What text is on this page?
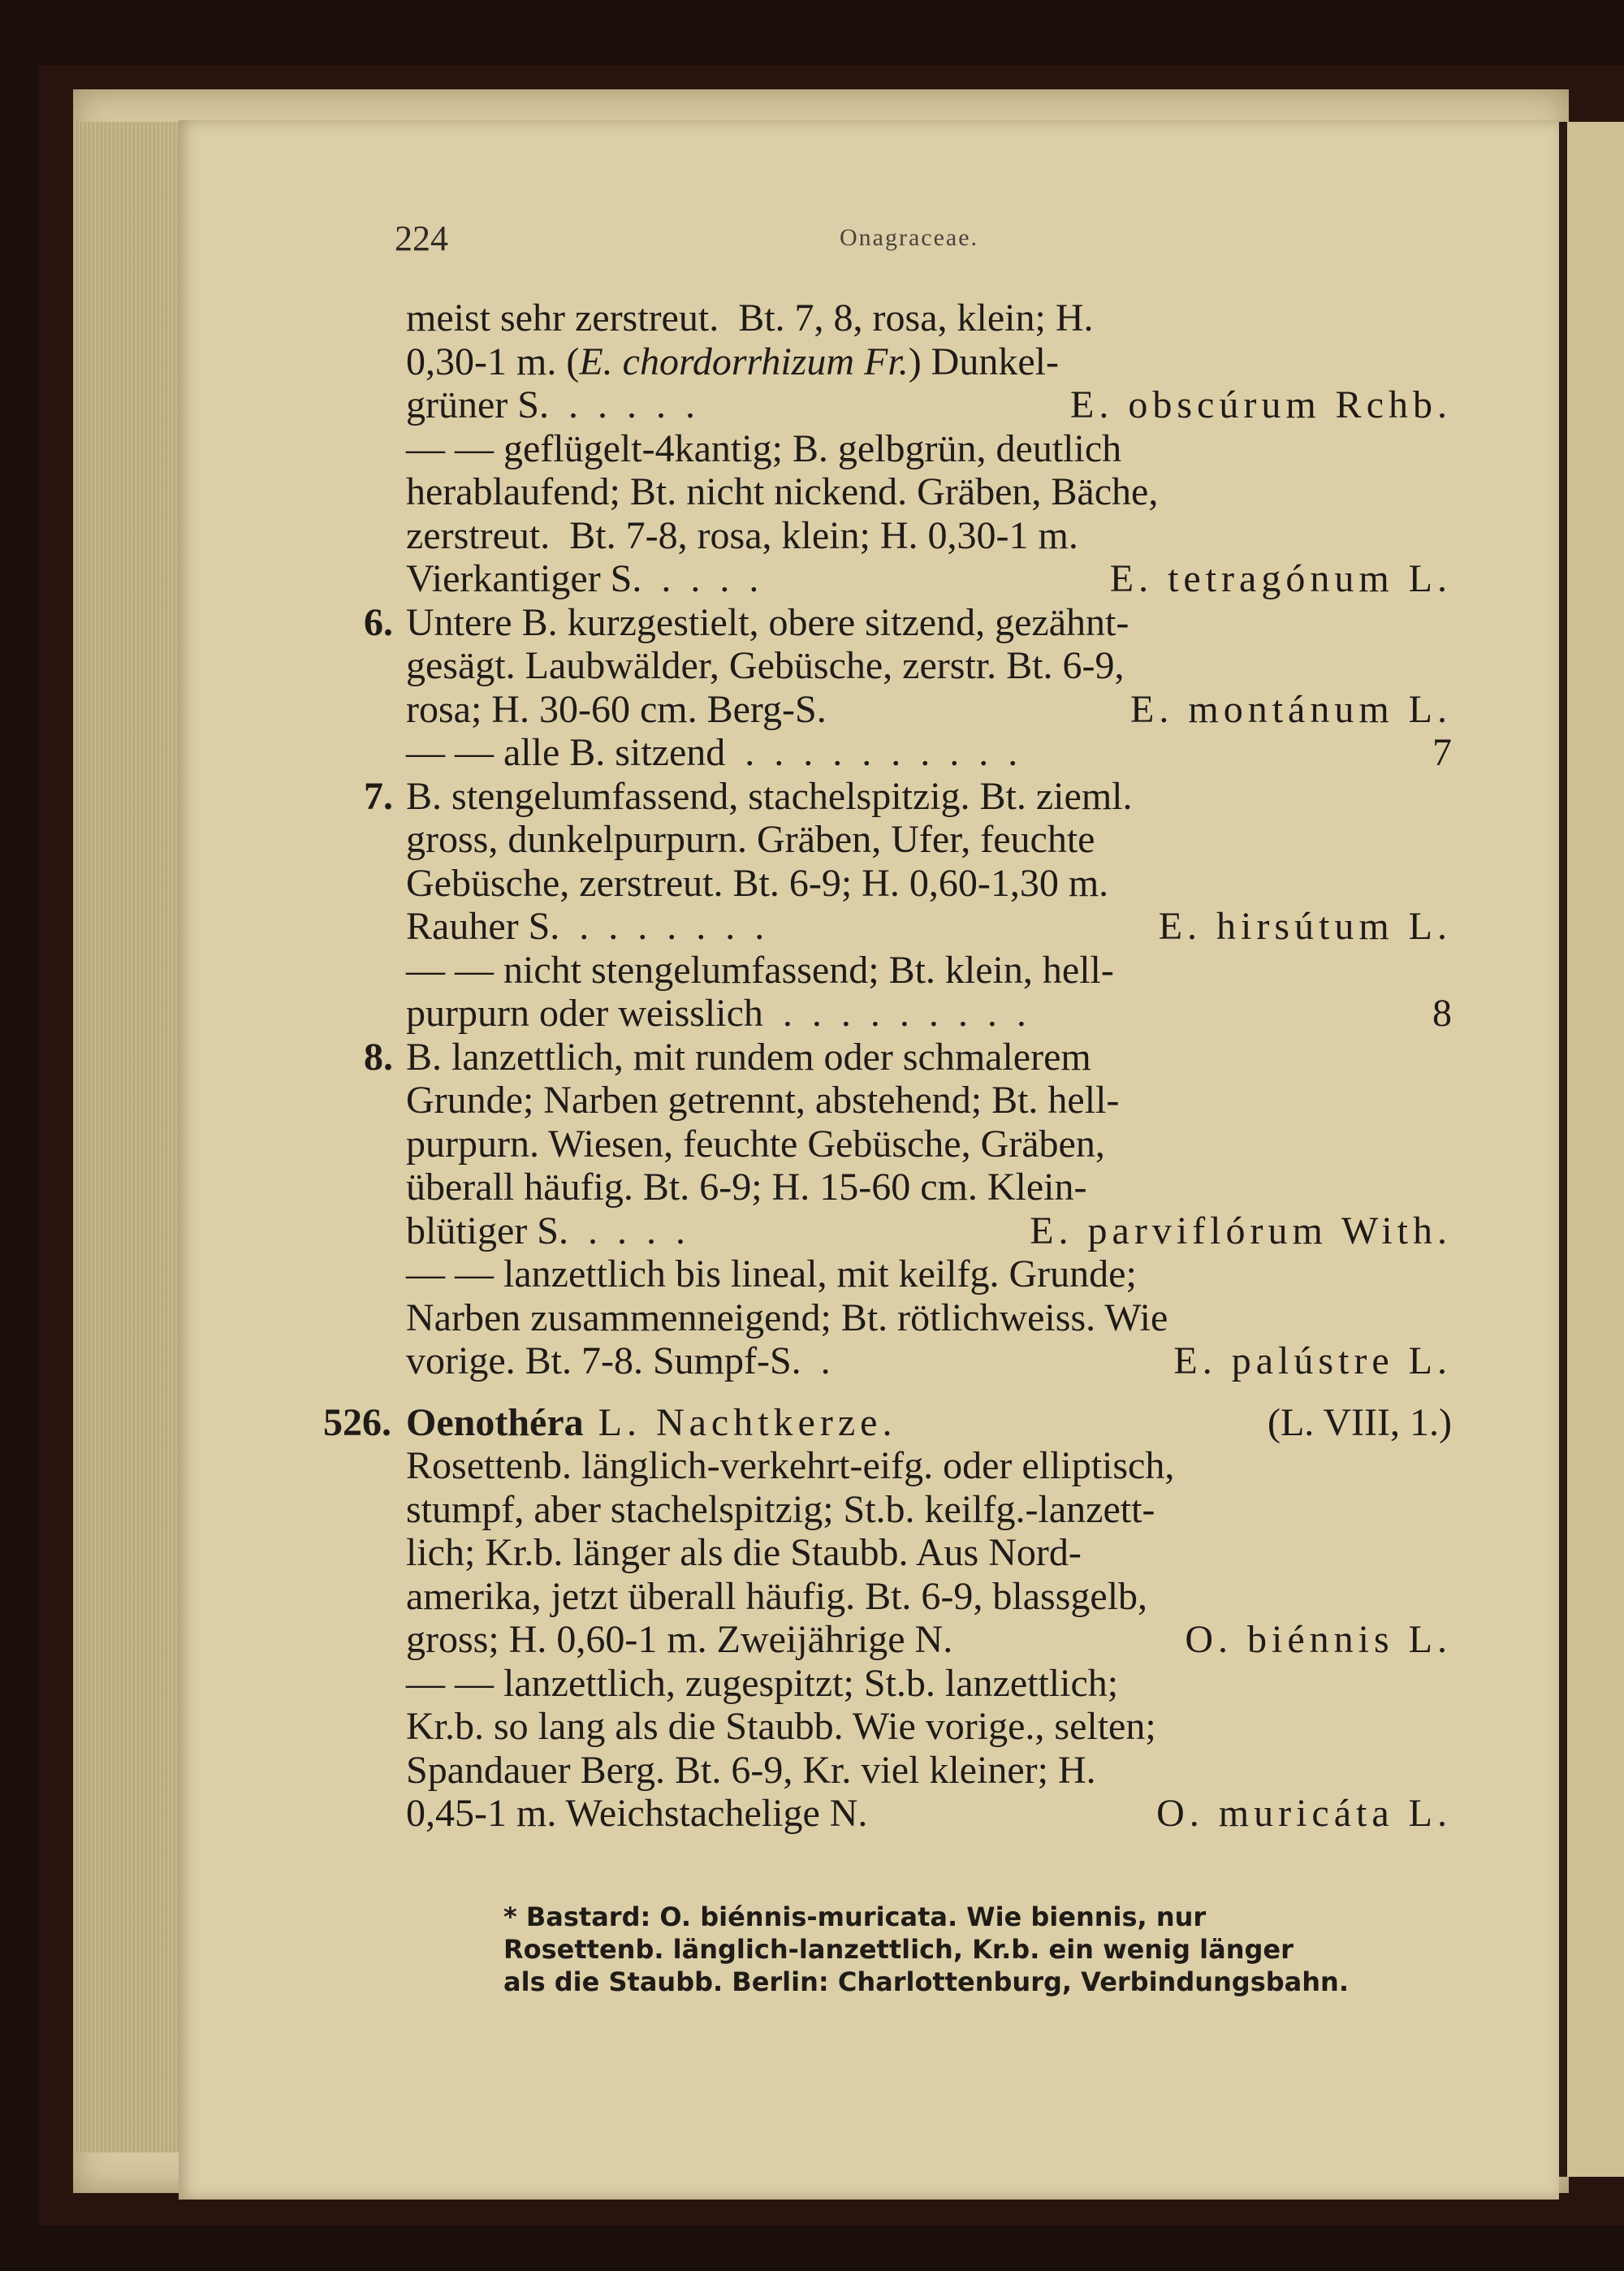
224	Onagraceae.
meist sehr zerstreut.  Bt. 7, 8, rosa, klein; H.
0,30-1 m. (E. chordorrhizum Fr.) Dunkel-
grüner S.  .  .  .  .  .	E. obscúrum Rchb.
— — geflügelt-4kantig; B. gelbgrün, deutlich
herablaufend; Bt. nicht nickend. Gräben, Bäche,
zerstreut.  Bt. 7-8, rosa, klein; H. 0,30-1 m.
Vierkantiger S.  .  .  .  .	E. tetragónum L.
6. Untere B. kurzgestielt, obere sitzend, gezähnt-
gesägt. Laubwälder, Gebüsche, zerstr. Bt. 6-9,
rosa; H. 30-60 cm. Berg-S.	E. montánum L.
— — alle B. sitzend  .  .  .  .  .  .  .  .  .  .	7
7. B. stengelumfassend, stachelspitzig. Bt. zieml.
gross, dunkelpurpurn. Gräben, Ufer, feuchte
Gebüsche, zerstreut. Bt. 6-9; H. 0,60-1,30 m.
Rauher S.  .  .  .  .  .  .  .	E. hirsútum L.
— — nicht stengelumfassend; Bt. klein, hell-
purpurn oder weisslich  .  .  .  .  .  .  .  .  .	8
8. B. lanzettlich, mit rundem oder schmalerem
Grunde; Narben getrennt, abstehend; Bt. hell-
purpurn. Wiesen, feuchte Gebüsche, Gräben,
überall häufig. Bt. 6-9; H. 15-60 cm. Klein-
blütiger S.  .  .  .  .	E. parviflórum With.
— — lanzettlich bis lineal, mit keilfg. Grunde;
Narben zusammenneigend; Bt. rötlichweiss. Wie
vorige. Bt. 7-8. Sumpf-S.  .	E. palústre L.
526. Oenothéra L. Nachtkerze.	(L. VIII, 1.)
Rosettenb. länglich-verkehrt-eifg. oder elliptisch,
stumpf, aber stachelspitzig; St.b. keilfg.-lanzett-
lich; Kr.b. länger als die Staubb. Aus Nord-
amerika, jetzt überall häufig. Bt. 6-9, blassgelb,
gross; H. 0,60-1 m. Zweijährige N.	O. biénnis L.
— — lanzettlich, zugespitzt; St.b. lanzettlich;
Kr.b. so lang als die Staubb. Wie vorige., selten;
Spandauer Berg. Bt. 6-9, Kr. viel kleiner; H.
0,45-1 m. Weichstachelige N.	O. muricáta L.
* Bastard: O. biénnis-muricata. Wie biennis, nur
Rosettenb. länglich-lanzettlich, Kr.b. ein wenig länger
als die Staubb. Berlin: Charlottenburg, Verbindungsbahn.
